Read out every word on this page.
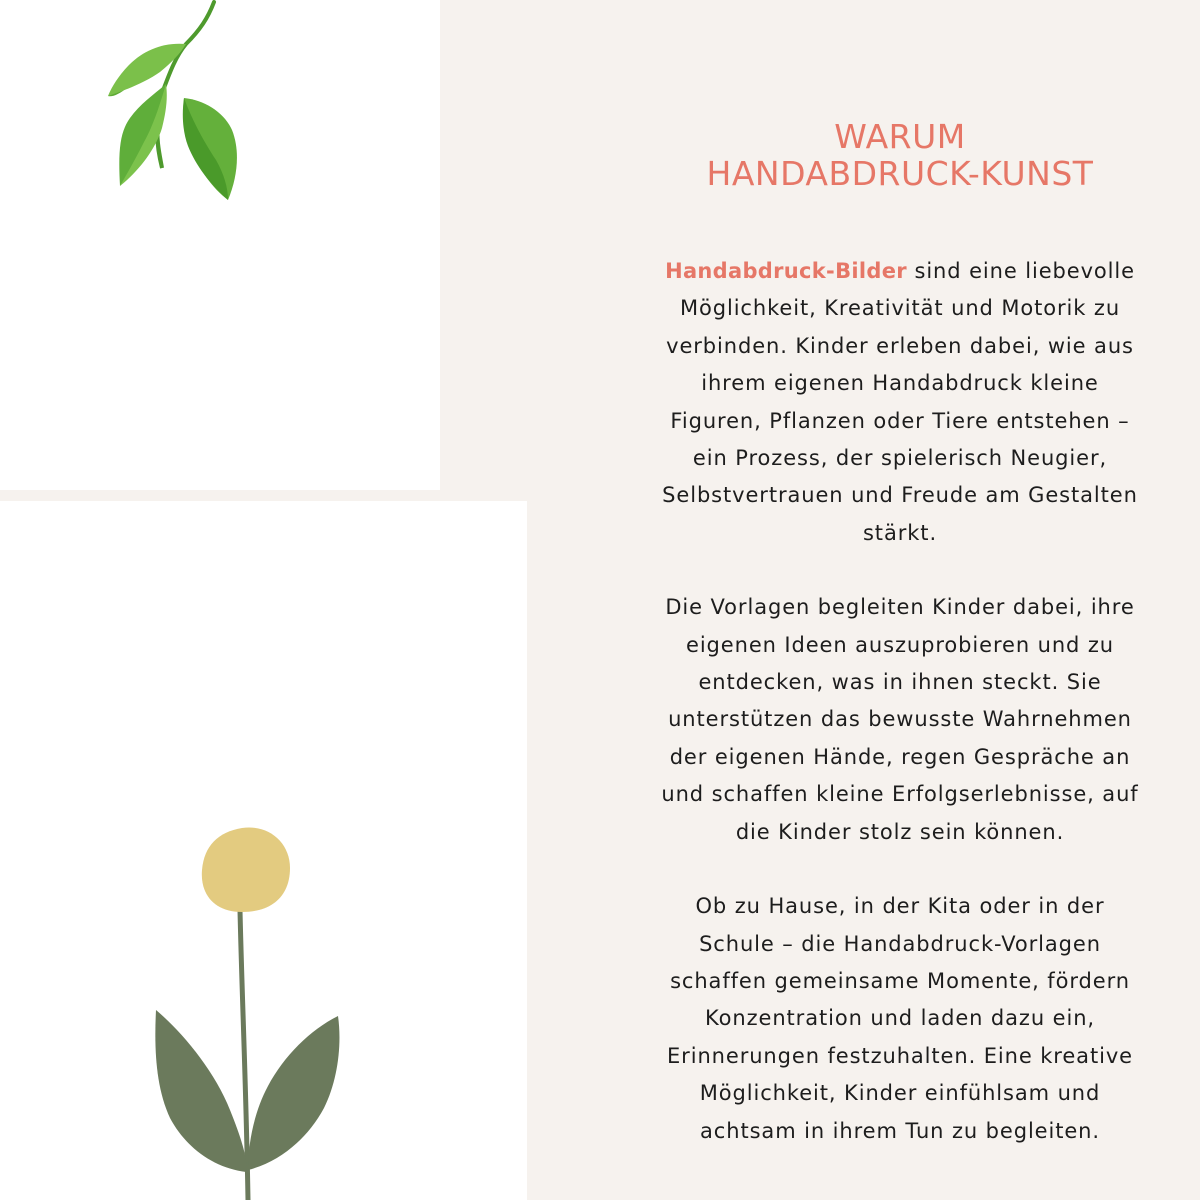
WARUM
HANDABDRUCK-KUNST

Handabdruck-Bilder sind eine liebevolle
Möglichkeit, Kreativität und Motorik zu
verbinden. Kinder erleben dabei, wie aus
ihrem eigenen Handabdruck kleine
Figuren, Pflanzen oder Tiere entstehen –
ein Prozess, der spielerisch Neugier,
Selbstvertrauen und Freude am Gestalten
stärkt.

Die Vorlagen begleiten Kinder dabei, ihre
eigenen Ideen auszuprobieren und zu
entdecken, was in ihnen steckt. Sie
unterstützen das bewusste Wahrnehmen
der eigenen Hände, regen Gespräche an
und schaffen kleine Erfolgserlebnisse, auf
die Kinder stolz sein können.

Ob zu Hause, in der Kita oder in der
Schule – die Handabdruck-Vorlagen
schaffen gemeinsame Momente, fördern
Konzentration und laden dazu ein,
Erinnerungen festzuhalten. Eine kreative
Möglichkeit, Kinder einfühlsam und
achtsam in ihrem Tun zu begleiten.
